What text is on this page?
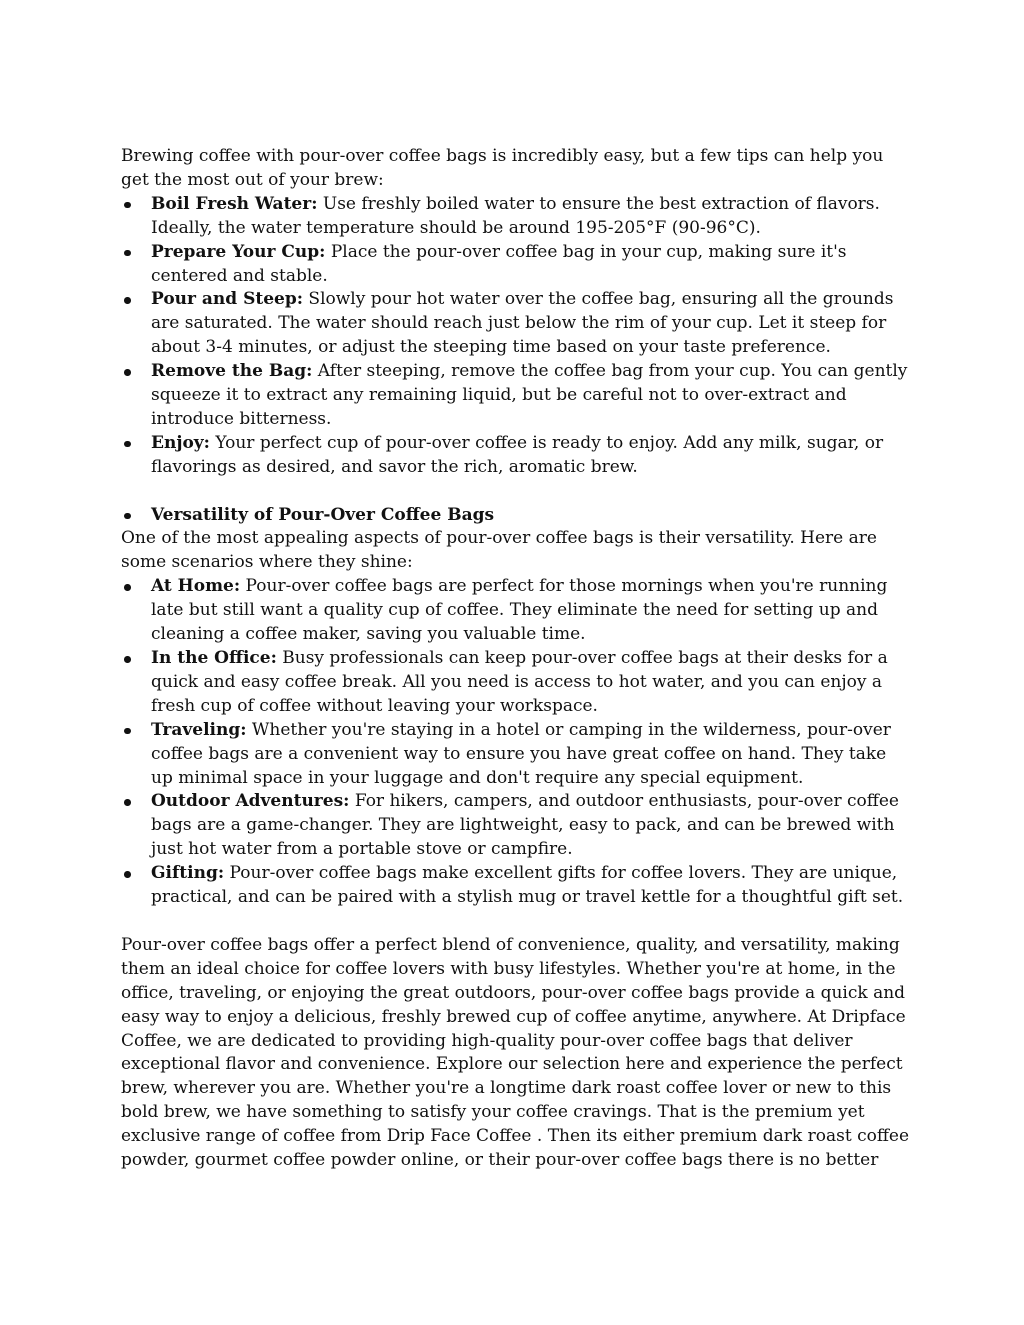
Brewing coffee with pour-over coffee bags is incredibly easy, but a few tips can help you get the most out of your brew:

Boil Fresh Water: Use freshly boiled water to ensure the best extraction of flavors. Ideally, the water temperature should be around 195-205°F (90-96°C).
Prepare Your Cup: Place the pour-over coffee bag in your cup, making sure it's centered and stable.
Pour and Steep: Slowly pour hot water over the coffee bag, ensuring all the grounds are saturated. The water should reach just below the rim of your cup. Let it steep for about 3-4 minutes, or adjust the steeping time based on your taste preference.
Remove the Bag: After steeping, remove the coffee bag from your cup. You can gently squeeze it to extract any remaining liquid, but be careful not to over-extract and introduce bitterness.
Enjoy: Your perfect cup of pour-over coffee is ready to enjoy. Add any milk, sugar, or flavorings as desired, and savor the rich, aromatic brew.
Versatility of Pour-Over Coffee Bags

One of the most appealing aspects of pour-over coffee bags is their versatility. Here are some scenarios where they shine:

At Home: Pour-over coffee bags are perfect for those mornings when you're running late but still want a quality cup of coffee. They eliminate the need for setting up and cleaning a coffee maker, saving you valuable time.
In the Office: Busy professionals can keep pour-over coffee bags at their desks for a quick and easy coffee break. All you need is access to hot water, and you can enjoy a fresh cup of coffee without leaving your workspace.
Traveling: Whether you're staying in a hotel or camping in the wilderness, pour-over coffee bags are a convenient way to ensure you have great coffee on hand. They take up minimal space in your luggage and don't require any special equipment.
Outdoor Adventures: For hikers, campers, and outdoor enthusiasts, pour-over coffee bags are a game-changer. They are lightweight, easy to pack, and can be brewed with just hot water from a portable stove or campfire.
Gifting: Pour-over coffee bags make excellent gifts for coffee lovers. They are unique, practical, and can be paired with a stylish mug or travel kettle for a thoughtful gift set.

Pour-over coffee bags offer a perfect blend of convenience, quality, and versatility, making them an ideal choice for coffee lovers with busy lifestyles. Whether you're at home, in the office, traveling, or enjoying the great outdoors, pour-over coffee bags provide a quick and easy way to enjoy a delicious, freshly brewed cup of coffee anytime, anywhere. At Dripface Coffee, we are dedicated to providing high-quality pour-over coffee bags that deliver exceptional flavor and convenience. Explore our selection here and experience the perfect brew, wherever you are. Whether you're a longtime dark roast coffee lover or new to this bold brew, we have something to satisfy your coffee cravings. That is the premium yet exclusive range of coffee from Drip Face Coffee . Then its either premium dark roast coffee powder, gourmet coffee powder online, or their pour-over coffee bags there is no better
